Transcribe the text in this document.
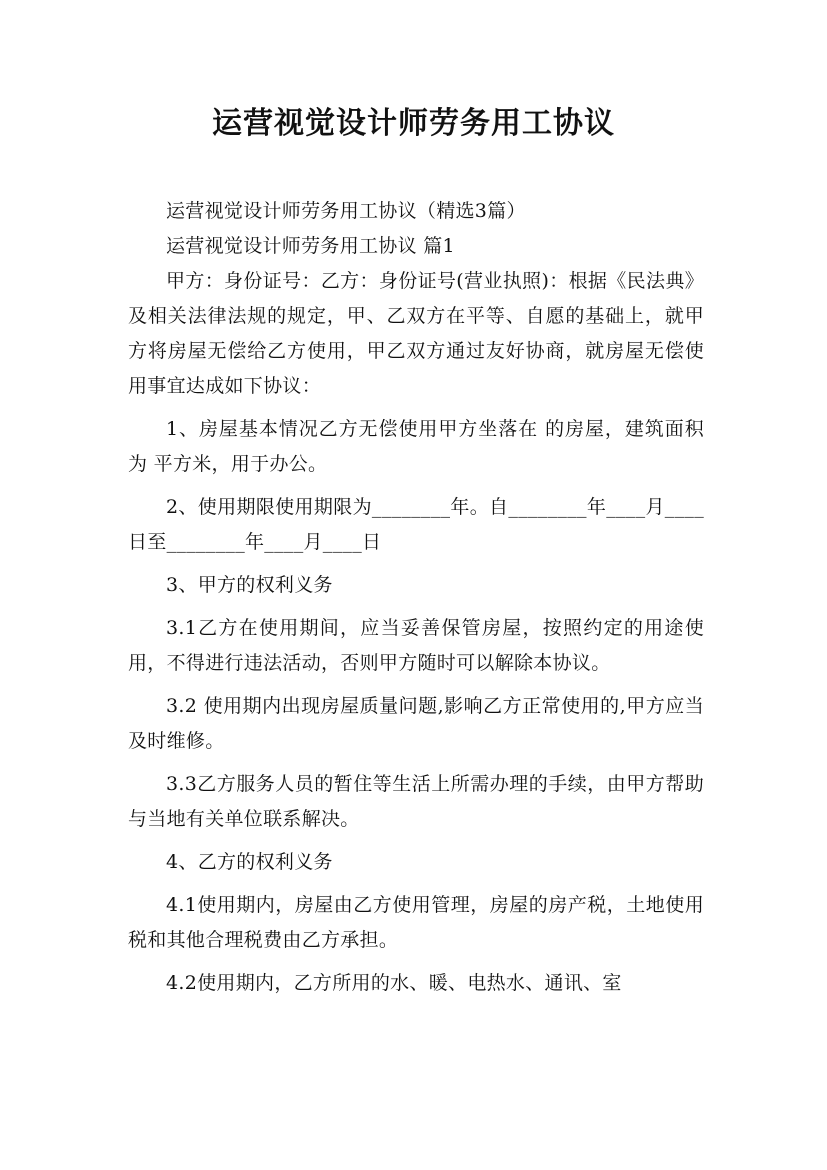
运营视觉设计师劳务用工协议

运营视觉设计师劳务用工协议（精选3篇）

运营视觉设计师劳务用工协议 篇1

甲方：身份证号：乙方：身份证号(营业执照)：根据《民法典》及相关法律法规的规定，甲、乙双方在平等、自愿的基础上，就甲方将房屋无偿给乙方使用，甲乙双方通过友好协商，就房屋无偿使用事宜达成如下协议：

1、房屋基本情况乙方无偿使用甲方坐落在 的房屋，建筑面积为 平方米，用于办公。

2、使用期限使用期限为________年。自________年____月____日至________年____月____日

3、甲方的权利义务

3.1乙方在使用期间，应当妥善保管房屋，按照约定的用途使用，不得进行违法活动，否则甲方随时可以解除本协议。

3.2 使用期内出现房屋质量问题,影响乙方正常使用的,甲方应当及时维修。

3.3乙方服务人员的暂住等生活上所需办理的手续，由甲方帮助与当地有关单位联系解决。

4、乙方的权利义务

4.1使用期内，房屋由乙方使用管理，房屋的房产税，土地使用税和其他合理税费由乙方承担。

4.2使用期内，乙方所用的水、暖、电热水、通讯、室
